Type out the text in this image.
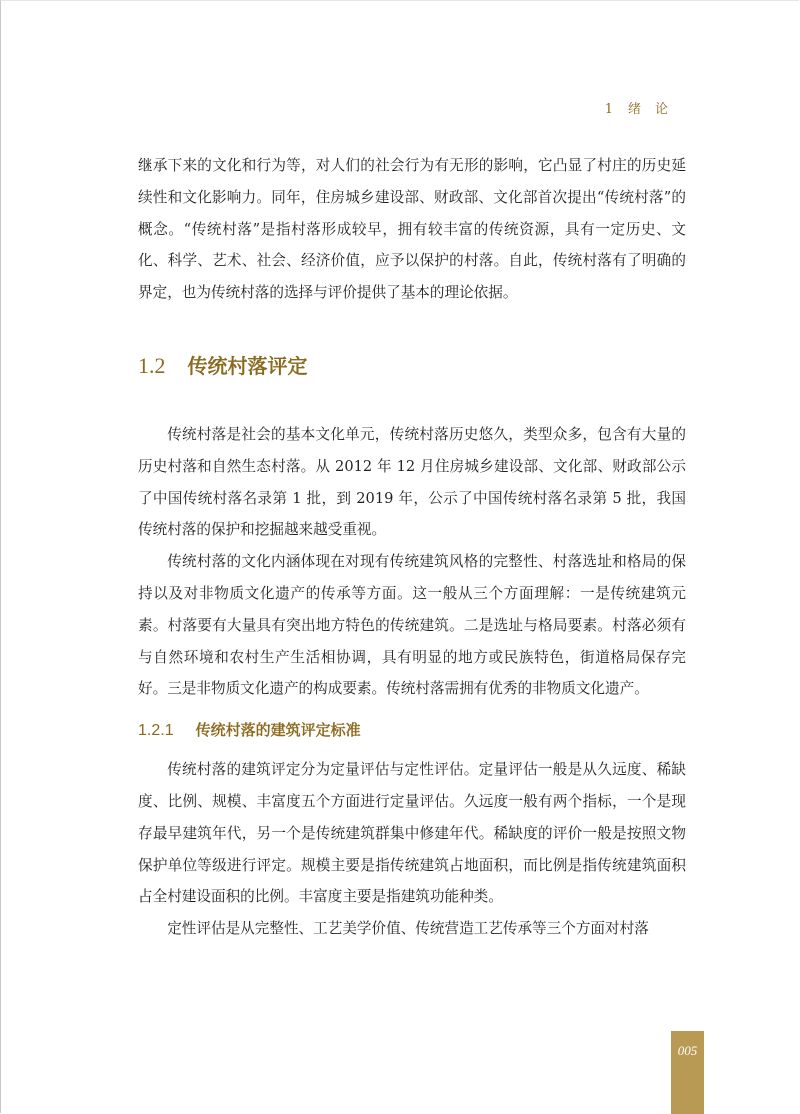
1 绪论

继承下来的文化和行为等，对人们的社会行为有无形的影响，它凸显了村庄的历史延续性和文化影响力。同年，住房城乡建设部、财政部、文化部首次提出“传统村落”的概念。“传统村落”是指村落形成较早，拥有较丰富的传统资源，具有一定历史、文化、科学、艺术、社会、经济价值，应予以保护的村落。自此，传统村落有了明确的界定，也为传统村落的选择与评价提供了基本的理论依据。

1.2 传统村落评定

传统村落是社会的基本文化单元，传统村落历史悠久，类型众多，包含有大量的历史村落和自然生态村落。从 2012 年 12 月住房城乡建设部、文化部、财政部公示了中国传统村落名录第 1 批，到 2019 年，公示了中国传统村落名录第 5 批，我国传统村落的保护和挖掘越来越受重视。

传统村落的文化内涵体现在对现有传统建筑风格的完整性、村落选址和格局的保持以及对非物质文化遗产的传承等方面。这一般从三个方面理解：一是传统建筑元素。村落要有大量具有突出地方特色的传统建筑。二是选址与格局要素。村落必须有与自然环境和农村生产生活相协调，具有明显的地方或民族特色，街道格局保存完好。三是非物质文化遗产的构成要素。传统村落需拥有优秀的非物质文化遗产。

1.2.1 传统村落的建筑评定标准

传统村落的建筑评定分为定量评估与定性评估。定量评估一般是从久远度、稀缺度、比例、规模、丰富度五个方面进行定量评估。久远度一般有两个指标，一个是现存最早建筑年代，另一个是传统建筑群集中修建年代。稀缺度的评价一般是按照文物保护单位等级进行评定。规模主要是指传统建筑占地面积，而比例是指传统建筑面积占全村建设面积的比例。丰富度主要是指建筑功能种类。

定性评估是从完整性、工艺美学价值、传统营造工艺传承等三个方面对村落

005
